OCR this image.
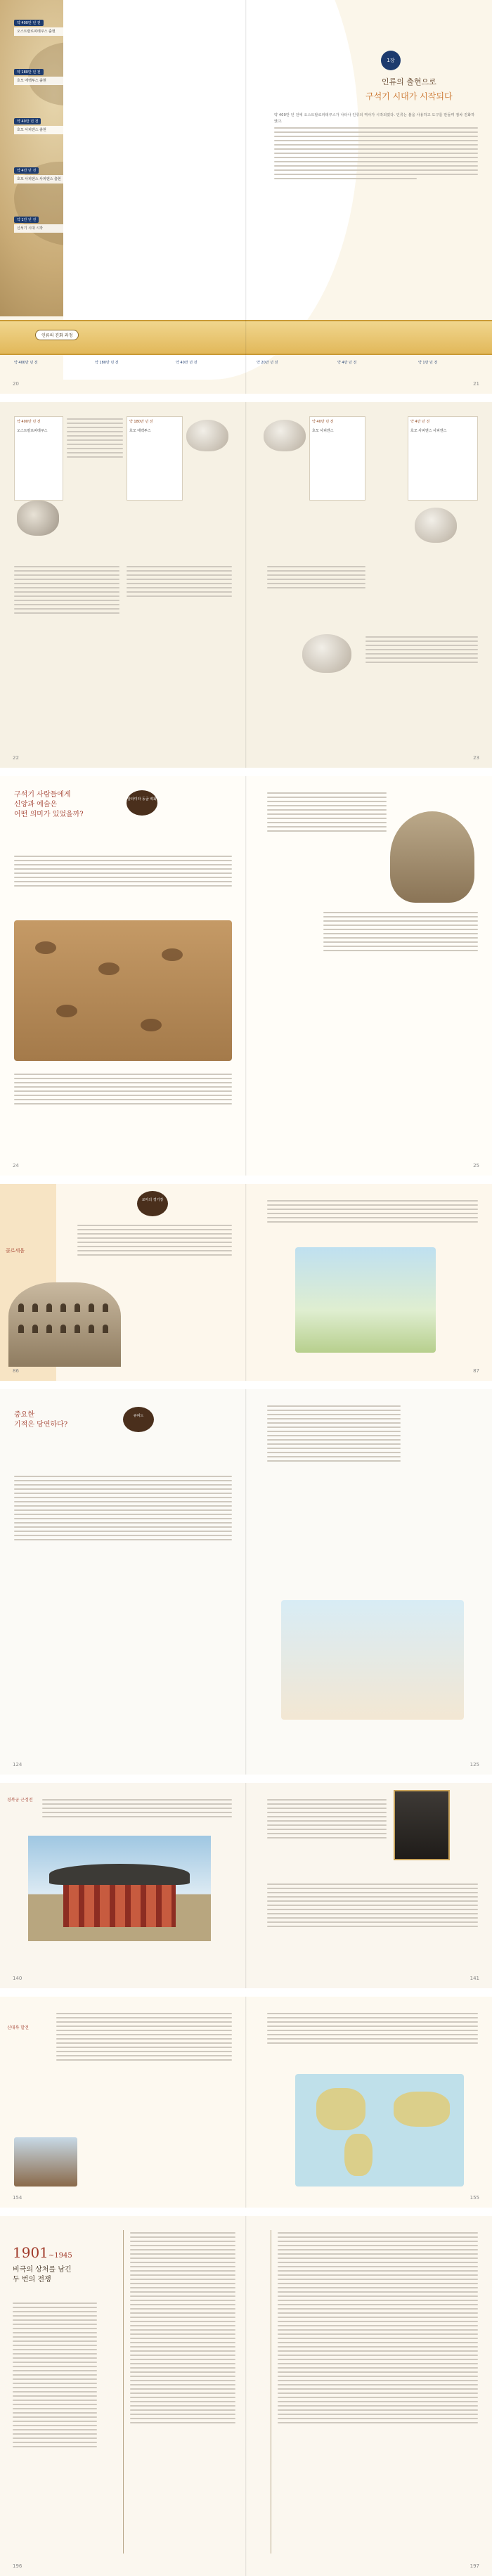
약 400만 년 전
오스트랄로피테쿠스 출현
약 180만 년 전
호모 에렉투스 출현
약 40만 년 전
호모 사피엔스 출현
약 4만 년 전
호모 사피엔스 사피엔스 출현
약 1만 년 전
신석기 시대 시작
1장
인류의 출현으로
구석기 시대가 시작되다
약 400만 년 전에 오스트랄로피테쿠스가 나타나 인류의 역사가 시작되었다. 인류는 불을 사용하고 도구를 만들며 점차 진화하였다.
인류의 진화 과정
약 400만 년 전	약 180만 년 전	약 40만 년 전	약 20만 년 전	약 4만 년 전	약 1만 년 전
20	21
약 400만 년 전
오스트랄로피테쿠스
약 180만 년 전
호모 에렉투스
약 40만 년 전
호모 사피엔스
약 4만 년 전
호모 사피엔스 사피엔스
22	23
구석기 사람들에게
신앙과 예술은
어떤 의미가 있었을까?
알타미라 동굴 벽화
24	25
콜로세움
로마의 경기장
86	87
중요한
기적은 당연하다?
큐피드
124	125
경복궁 근정전
140	141
신대륙 발견
154	155
1901~1945
비극의 상처를 남긴
두 번의 전쟁
196	197
